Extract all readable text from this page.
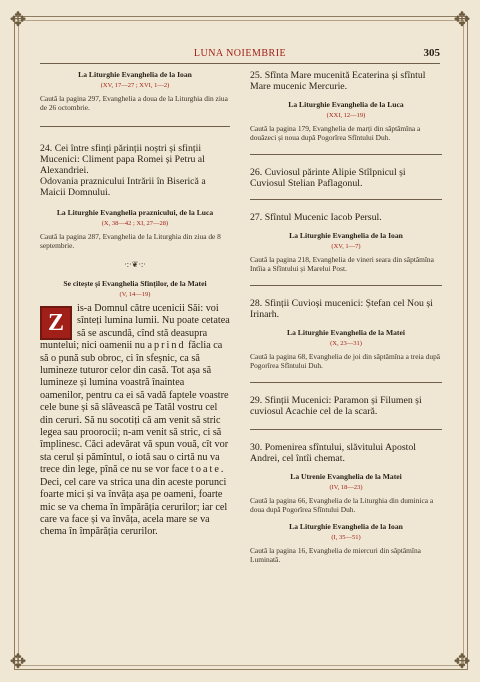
✥	✥
✥	✥
LUNA NOIEMBRIE	305

La Liturghie Evanghelia de la Ioan

(XV, 17—27 ; XVI, 1—2)

Caută la pagina 297, Evanghelia a doua de la Liturghia din ziua de 26 octombrie.

24. Cei între sfinți părinții noștri și sfinții Mucenici: Climent papa Romei și Petru al Alexandriei.

Odovania praznicului Intrării în Biserică a Maicii Domnului.

La Liturghie Evanghelia praznicului, de la Luca

(X, 38—42 ; XI, 27—28)

Caută la pagina 287, Evanghelia de la Liturghia din ziua de 8 septembrie.

·:·❦·:·

Se citește și Evanghelia Sfinților, de la Matei

(V, 14—19)

Z
is-a Domnul către ucenicii Săi: voi sînteți lumina lumii. Nu poate cetatea să se ascundă, cînd stă deasupra muntelui; nici oamenii nu aprind făclia ca să o pună sub obroc, ci în sfeșnic, ca să lumineze tuturor celor din casă. Tot așa să lumineze și lumina voastră înaintea oamenilor, pentru ca ei să vadă faptele voastre cele bune și să slăvească pe Tatăl vostru cel din ceruri. Să nu socotiți că am venit să stric legea sau proorocii; n-am venit să stric, ci să împlinesc. Căci adevărat vă spun vouă, cît vor sta cerul și pămîntul, o iotă sau o cirtă nu va trece din lege, pînă ce nu se vor face toate. Deci, cel care va strica una din aceste porunci foarte mici și va învăța așa pe oameni, foarte mic se va chema în împărăția cerurilor; iar cel care va face și va învăța, acela mare se va chema în împărăția cerurilor.

25. Sfînta Mare mucenită Ecaterina și sfîntul Mare mucenic Mercurie.

La Liturghie Evanghelia de la Luca

(XXI, 12—19)

Caută la pagina 179, Evanghelia de marți din săptămîna a douăzeci și noua după Pogorîrea Sfîntului Duh.

26. Cuviosul părinte Alipie Stîlpnicul și Cuviosul Stelian Paflagonul.

27. Sfîntul Mucenic Iacob Persul.

La Liturghie Evanghelia de la Ioan

(XV, 1—7)

Caută la pagina 218, Evanghelia de vineri seara din săptămîna Intîia a Sfîntului și Marelui Post.

28. Sfinții Cuvioși mucenici: Ștefan cel Nou și Irinarh.

La Liturghie Evanghelia de la Matei

(X, 23—31)

Caută la pagina 68, Evanghelia de joi din săptămîna a treia după Pogorîrea Sfîntului Duh.

29. Sfinții Mucenici: Paramon și Filumen și cuviosul Acachie cel de la scară.

30. Pomenirea sfîntului, slăvitului Apostol Andrei, cel întîi chemat.

La Utrenie Evanghelia de la Matei

(IV, 18—23)

Caută la pagina 66, Evanghelia de la Liturghia din duminica a doua după Pogorîrea Sfîntului Duh.

La Liturghie Evanghelia de la Ioan

(I, 35—51)

Caută la pagina 16, Evanghelia de miercuri din săptămîna Luminată.
